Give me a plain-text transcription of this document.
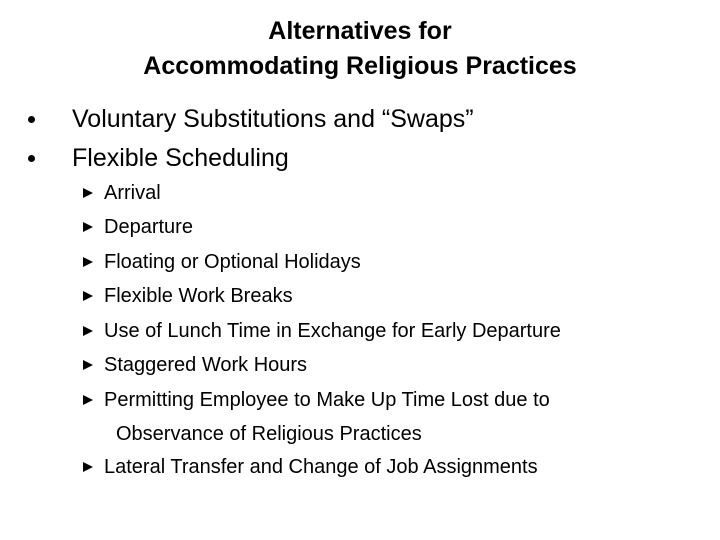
Alternatives for
Accommodating Religious Practices
Voluntary Substitutions and “Swaps”
Flexible Scheduling
Arrival
Departure
Floating or Optional Holidays
Flexible Work Breaks
Use of Lunch Time in Exchange for Early Departure
Staggered Work Hours
Permitting Employee to Make Up Time Lost due to
Observance of Religious Practices
Lateral Transfer and Change of Job Assignments
